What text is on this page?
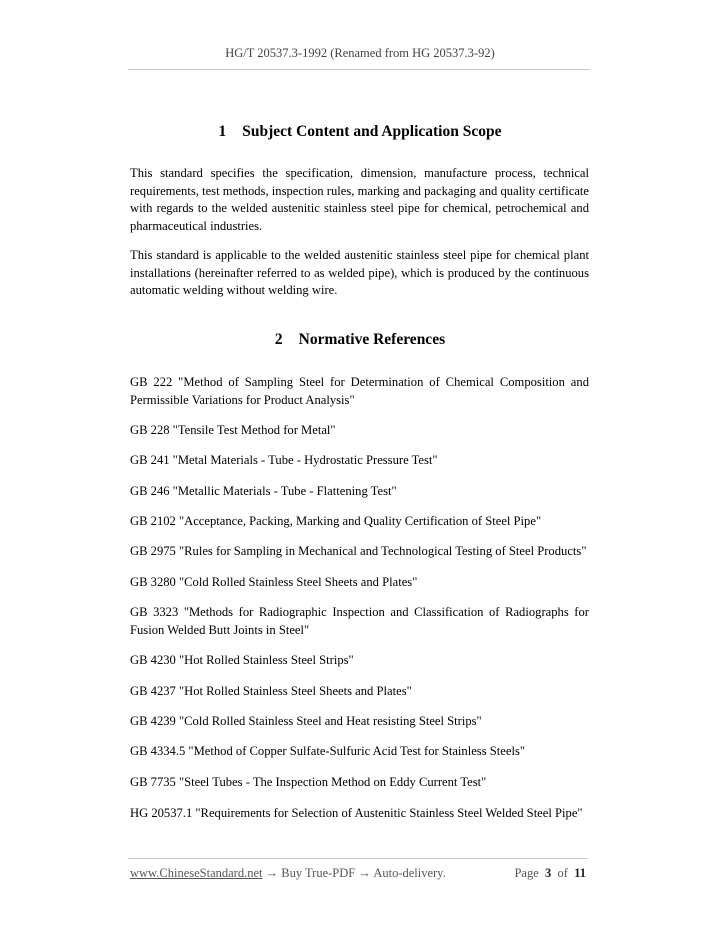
HG/T 20537.3-1992 (Renamed from HG 20537.3-92)
1 Subject Content and Application Scope

This standard specifies the specification, dimension, manufacture process, technical requirements, test methods, inspection rules, marking and packaging and quality certificate with regards to the welded austenitic stainless steel pipe for chemical, petrochemical and pharmaceutical industries.

This standard is applicable to the welded austenitic stainless steel pipe for chemical plant installations (hereinafter referred to as welded pipe), which is produced by the continuous automatic welding without welding wire.

2 Normative References

GB 222 "Method of Sampling Steel for Determination of Chemical Composition and Permissible Variations for Product Analysis"

GB 228 "Tensile Test Method for Metal"

GB 241 "Metal Materials - Tube - Hydrostatic Pressure Test"

GB 246 "Metallic Materials - Tube - Flattening Test"

GB 2102 "Acceptance, Packing, Marking and Quality Certification of Steel Pipe"

GB 2975 "Rules for Sampling in Mechanical and Technological Testing of Steel Products"

GB 3280 "Cold Rolled Stainless Steel Sheets and Plates"

GB 3323 "Methods for Radiographic Inspection and Classification of Radiographs for Fusion Welded Butt Joints in Steel"

GB 4230 "Hot Rolled Stainless Steel Strips"

GB 4237 "Hot Rolled Stainless Steel Sheets and Plates"

GB 4239 "Cold Rolled Stainless Steel and Heat resisting Steel Strips"

GB 4334.5 "Method of Copper Sulfate-Sulfuric Acid Test for Stainless Steels"

GB 7735 "Steel Tubes - The Inspection Method on Eddy Current Test"

HG 20537.1 "Requirements for Selection of Austenitic Stainless Steel Welded Steel Pipe"

www.ChineseStandard.net → Buy True-PDF → Auto-delivery.	Page 3 of 11
